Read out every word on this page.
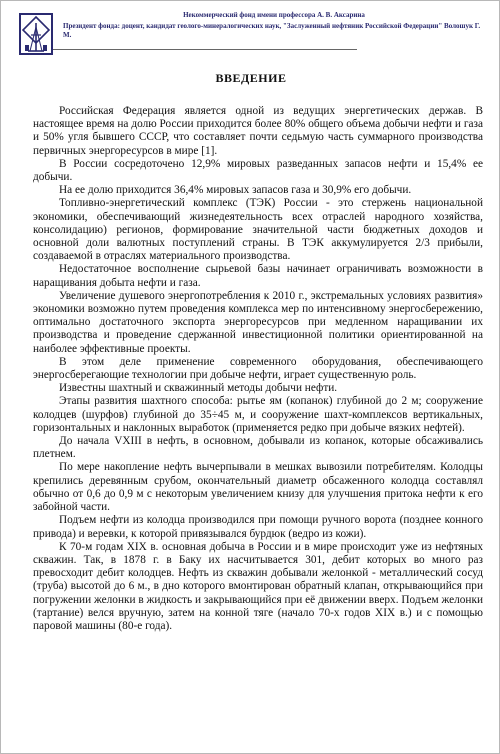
Некоммерческий фонд имени профессора А. В. Аксарина
Президент фонда: доцент, кандидат геолого-минералогических наук, "Заслуженный нефтяник Российской Федерации" Волошук Г. М.
ВВЕДЕНИЕ

Российская Федерация является одной из ведущих энергетических держав. В настоящее время на долю России приходится более 80% общего объема добычи нефти и газа и 50% угля бывшего СССР, что составляет почти седьмую часть суммарного производства первичных энергоресурсов в мире [1].

В России сосредоточено 12,9% мировых разведанных запасов нефти и 15,4% ее добычи.

На ее долю приходится 36,4% мировых запасов газа и 30,9% его добычи.

Топливно-энергетический комплекс (ТЭК) России - это стержень национальной экономики, обеспечивающий жизнедеятельность всех отраслей народного хозяйства, консолидацию) регионов, формирование значительной части бюджетных доходов и основной доли валютных поступлений страны. В ТЭК аккумулируется 2/3 прибыли, создаваемой в отраслях материального производства.

Недостаточное восполнение сырьевой базы начинает ограничивать возможности в наращивания добыта нефти и газа.

Увеличение душевого энергопотребления к 2010 г., экстремальных условиях развития» экономики возможно путем проведения комплекса мер по интенсивному энергосбережению, оптимально достаточного экспорта энергоресурсов при медленном наращивании их производства и проведение сдержанной инвестиционной политики ориентированной на наиболее эффективные проекты.

В этом деле применение современного оборудования, обеспечивающего энергосберегающие технологии при добыче нефти, играет существенную роль.

Известны шахтный и скважинный методы добычи нефти.

Этапы развития шахтного способа: рытье ям (копанок) глубиной до 2 м; сооружение колодцев (шурфов) глубиной до 35÷45 м, и сооружение шахт-комплексов вертикальных, горизонтальных и наклонных выработок (применяется редко при добыче вязких нефтей).

До начала VXIII в нефть, в основном, добывали из копанок, которые обсаживались плетнем.

По мере накопление нефть вычерпывали в мешках вывозили потребителям. Колодцы крепились деревянным срубом, окончательный диаметр обсаженного колодца составлял обычно от 0,6 до 0,9 м с некоторым увеличением книзу для улучшения притока нефти к его забойной части.

Подъем нефти из колодца производился при помощи ручного ворота (позднее конного привода) и веревки, к которой привязывался бурдюк (ведро из кожи).

К 70-м годам XIX в. основная добыча в России и в мире происходит уже из нефтяных скважин. Так, в 1878 г. в Баку их насчитывается 301, дебит которых во много раз превосходит дебит колодцев. Нефть из скважин добывали желонкой - металлический сосуд (труба) высотой до 6 м., в дно которого вмонтирован обратный клапан, открывающийся при погружении желонки в жидкость и закрывающийся при её движении вверх. Подъем желонки (тартание) велся вручную, затем на конной тяге (начало 70-х годов XIX в.) и с помощью паровой машины (80-е года).
